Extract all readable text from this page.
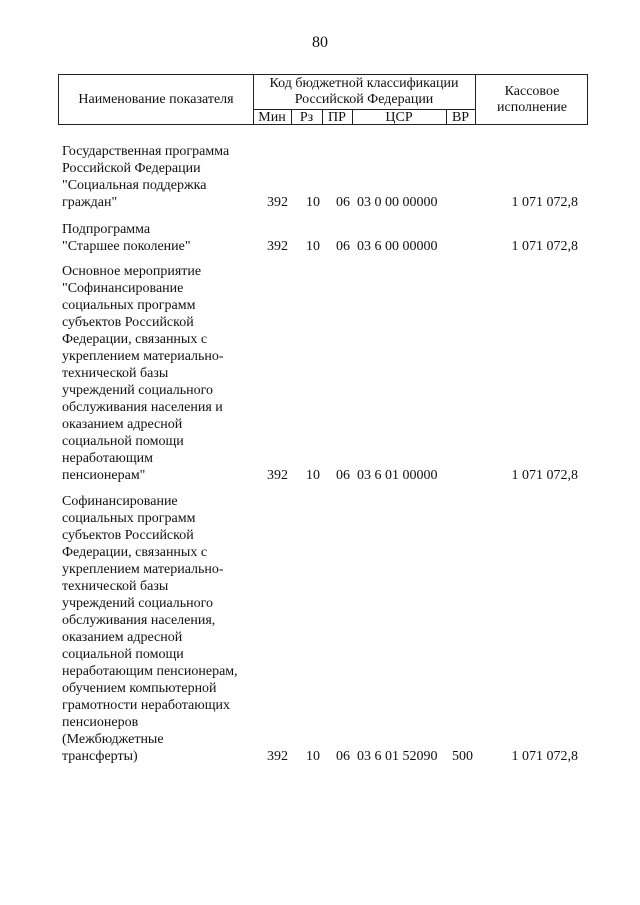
80
Наименование показателя
Код бюджетной классификации
Российской Федерации
Мин	Рз	ПР	ЦСР	ВР
Кассовое
исполнение
Государственная программа
Российской Федерации
"Социальная поддержка
граждан"	392 10 06 03 0 00 00000	1 071 072,8
Подпрограмма
"Старшее поколение"	392 10 06 03 6 00 00000	1 071 072,8
Основное мероприятие
"Софинансирование
социальных программ
субъектов Российской
Федерации, связанных с
укреплением материально-
технической базы
учреждений социального
обслуживания населения и
оказанием адресной
социальной помощи
неработающим
пенсионерам"	392 10 06 03 6 01 00000	1 071 072,8
Софинансирование
социальных программ
субъектов Российской
Федерации, связанных с
укреплением материально-
технической базы
учреждений социального
обслуживания населения,
оказанием адресной
социальной помощи
неработающим пенсионерам,
обучением компьютерной
грамотности неработающих
пенсионеров
(Межбюджетные
трансферты)	392 10 06 03 6 01 52090 500	1 071 072,8
